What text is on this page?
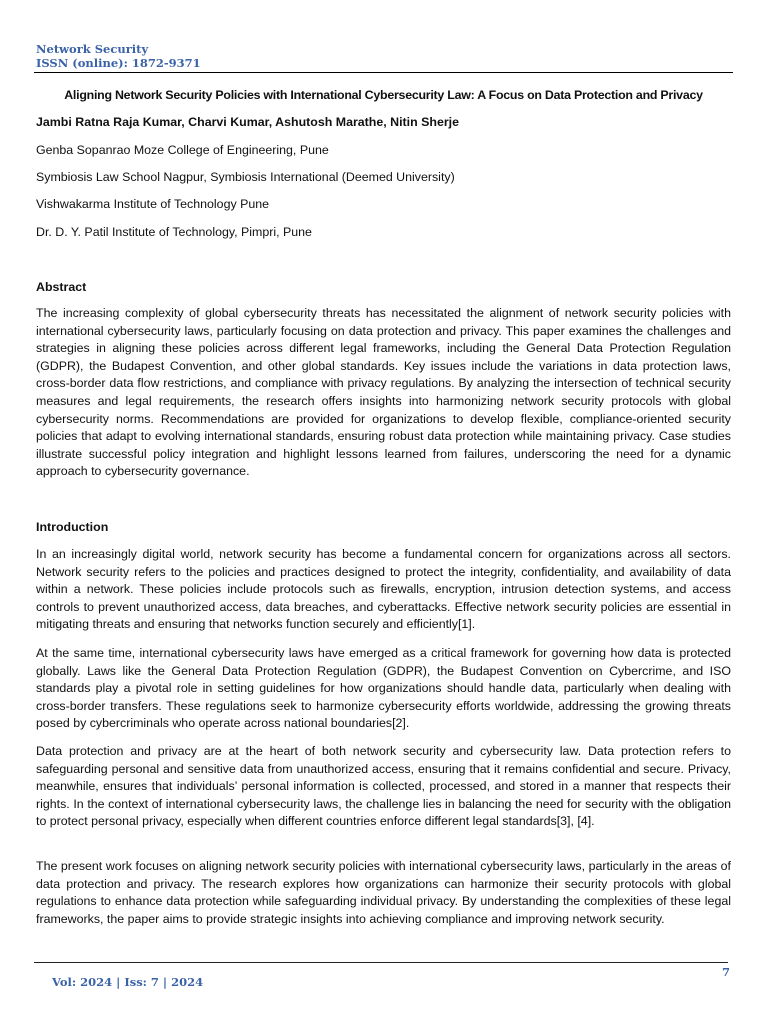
Network Security
ISSN (online): 1872-9371
Aligning Network Security Policies with International Cybersecurity Law: A Focus on Data Protection and Privacy
Jambi Ratna Raja Kumar, Charvi Kumar, Ashutosh Marathe, Nitin Sherje
Genba Sopanrao Moze College of Engineering, Pune
Symbiosis Law School Nagpur, Symbiosis International (Deemed University)
Vishwakarma Institute of Technology Pune
Dr. D. Y. Patil Institute of Technology, Pimpri, Pune
Abstract

The increasing complexity of global cybersecurity threats has necessitated the alignment of network security policies with international cybersecurity laws, particularly focusing on data protection and privacy. This paper examines the challenges and strategies in aligning these policies across different legal frameworks, including the General Data Protection Regulation (GDPR), the Budapest Convention, and other global standards. Key issues include the variations in data protection laws, cross-border data flow restrictions, and compliance with privacy regulations. By analyzing the intersection of technical security measures and legal requirements, the research offers insights into harmonizing network security protocols with global cybersecurity norms. Recommendations are provided for organizations to develop flexible, compliance-oriented security policies that adapt to evolving international standards, ensuring robust data protection while maintaining privacy. Case studies illustrate successful policy integration and highlight lessons learned from failures, underscoring the need for a dynamic approach to cybersecurity governance.

Introduction

In an increasingly digital world, network security has become a fundamental concern for organizations across all sectors. Network security refers to the policies and practices designed to protect the integrity, confidentiality, and availability of data within a network. These policies include protocols such as firewalls, encryption, intrusion detection systems, and access controls to prevent unauthorized access, data breaches, and cyberattacks. Effective network security policies are essential in mitigating threats and ensuring that networks function securely and efficiently[1].

At the same time, international cybersecurity laws have emerged as a critical framework for governing how data is protected globally. Laws like the General Data Protection Regulation (GDPR), the Budapest Convention on Cybercrime, and ISO standards play a pivotal role in setting guidelines for how organizations should handle data, particularly when dealing with cross-border transfers. These regulations seek to harmonize cybersecurity efforts worldwide, addressing the growing threats posed by cybercriminals who operate across national boundaries[2].

Data protection and privacy are at the heart of both network security and cybersecurity law. Data protection refers to safeguarding personal and sensitive data from unauthorized access, ensuring that it remains confidential and secure. Privacy, meanwhile, ensures that individuals’ personal information is collected, processed, and stored in a manner that respects their rights. In the context of international cybersecurity laws, the challenge lies in balancing the need for security with the obligation to protect personal privacy, especially when different countries enforce different legal standards[3], [4].

The present work focuses on aligning network security policies with international cybersecurity laws, particularly in the areas of data protection and privacy. The research explores how organizations can harmonize their security protocols with global regulations to enhance data protection while safeguarding individual privacy. By understanding the complexities of these legal frameworks, the paper aims to provide strategic insights into achieving compliance and improving network security.

7
Vol: 2024 | Iss: 7 | 2024
